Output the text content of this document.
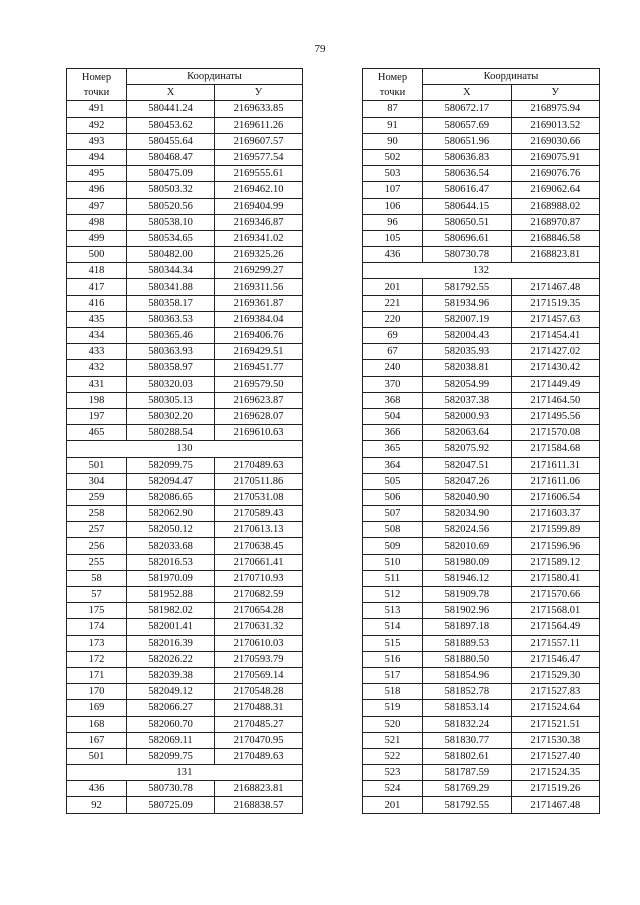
79
Номер
точки	Координаты	
	X	У
491	580441.24	2169633.85
492	580453.62	2169611.26
493	580455.64	2169607.57
494	580468.47	2169577.54
495	580475.09	2169555.61
496	580503.32	2169462.10
497	580520.56	2169404.99
498	580538.10	2169346.87
499	580534.65	2169341.02
500	580482.00	2169325.26
418	580344.34	2169299.27
417	580341.88	2169311.56
416	580358.17	2169361.87
435	580363.53	2169384.04
434	580365.46	2169406.76
433	580363.93	2169429.51
432	580358.97	2169451.77
431	580320.03	2169579.50
198	580305.13	2169623.87
197	580302.20	2169628.07
465	580288.54	2169610.63
130		
501	582099.75	2170489.63
304	582094.47	2170511.86
259	582086.65	2170531.08
258	582062.90	2170589.43
257	582050.12	2170613.13
256	582033.68	2170638.45
255	582016.53	2170661.41
58	581970.09	2170710.93
57	581952.88	2170682.59
175	581982.02	2170654.28
174	582001.41	2170631.32
173	582016.39	2170610.03
172	582026.22	2170593.79
171	582039.38	2170569.14
170	582049.12	2170548.28
169	582066.27	2170488.31
168	582060.70	2170485.27
167	582069.11	2170470.95
501	582099.75	2170489.63
131		
436	580730.78	2168823.81
92	580725.09	2168838.57
Номер
точки	Координаты	
	X	У
87	580672.17	2168975.94
91	580657.69	2169013.52
90	580651.96	2169030.66
502	580636.83	2169075.91
503	580636.54	2169076.76
107	580616.47	2169062.64
106	580644.15	2168988.02
96	580650.51	2168970.87
105	580696.61	2168846.58
436	580730.78	2168823.81
132		
201	581792.55	2171467.48
221	581934.96	2171519.35
220	582007.19	2171457.63
69	582004.43	2171454.41
67	582035.93	2171427.02
240	582038.81	2171430.42
370	582054.99	2171449.49
368	582037.38	2171464.50
504	582000.93	2171495.56
366	582063.64	2171570.08
365	582075.92	2171584.68
364	582047.51	2171611.31
505	582047.26	2171611.06
506	582040.90	2171606.54
507	582034.90	2171603.37
508	582024.56	2171599.89
509	582010.69	2171596.96
510	581980.09	2171589.12
511	581946.12	2171580.41
512	581909.78	2171570.66
513	581902.96	2171568.01
514	581897.18	2171564.49
515	581889.53	2171557.11
516	581880.50	2171546.47
517	581854.96	2171529.30
518	581852.78	2171527.83
519	581853.14	2171524.64
520	581832.24	2171521.51
521	581830.77	2171530.38
522	581802.61	2171527.40
523	581787.59	2171524.35
524	581769.29	2171519.26
201	581792.55	2171467.48
